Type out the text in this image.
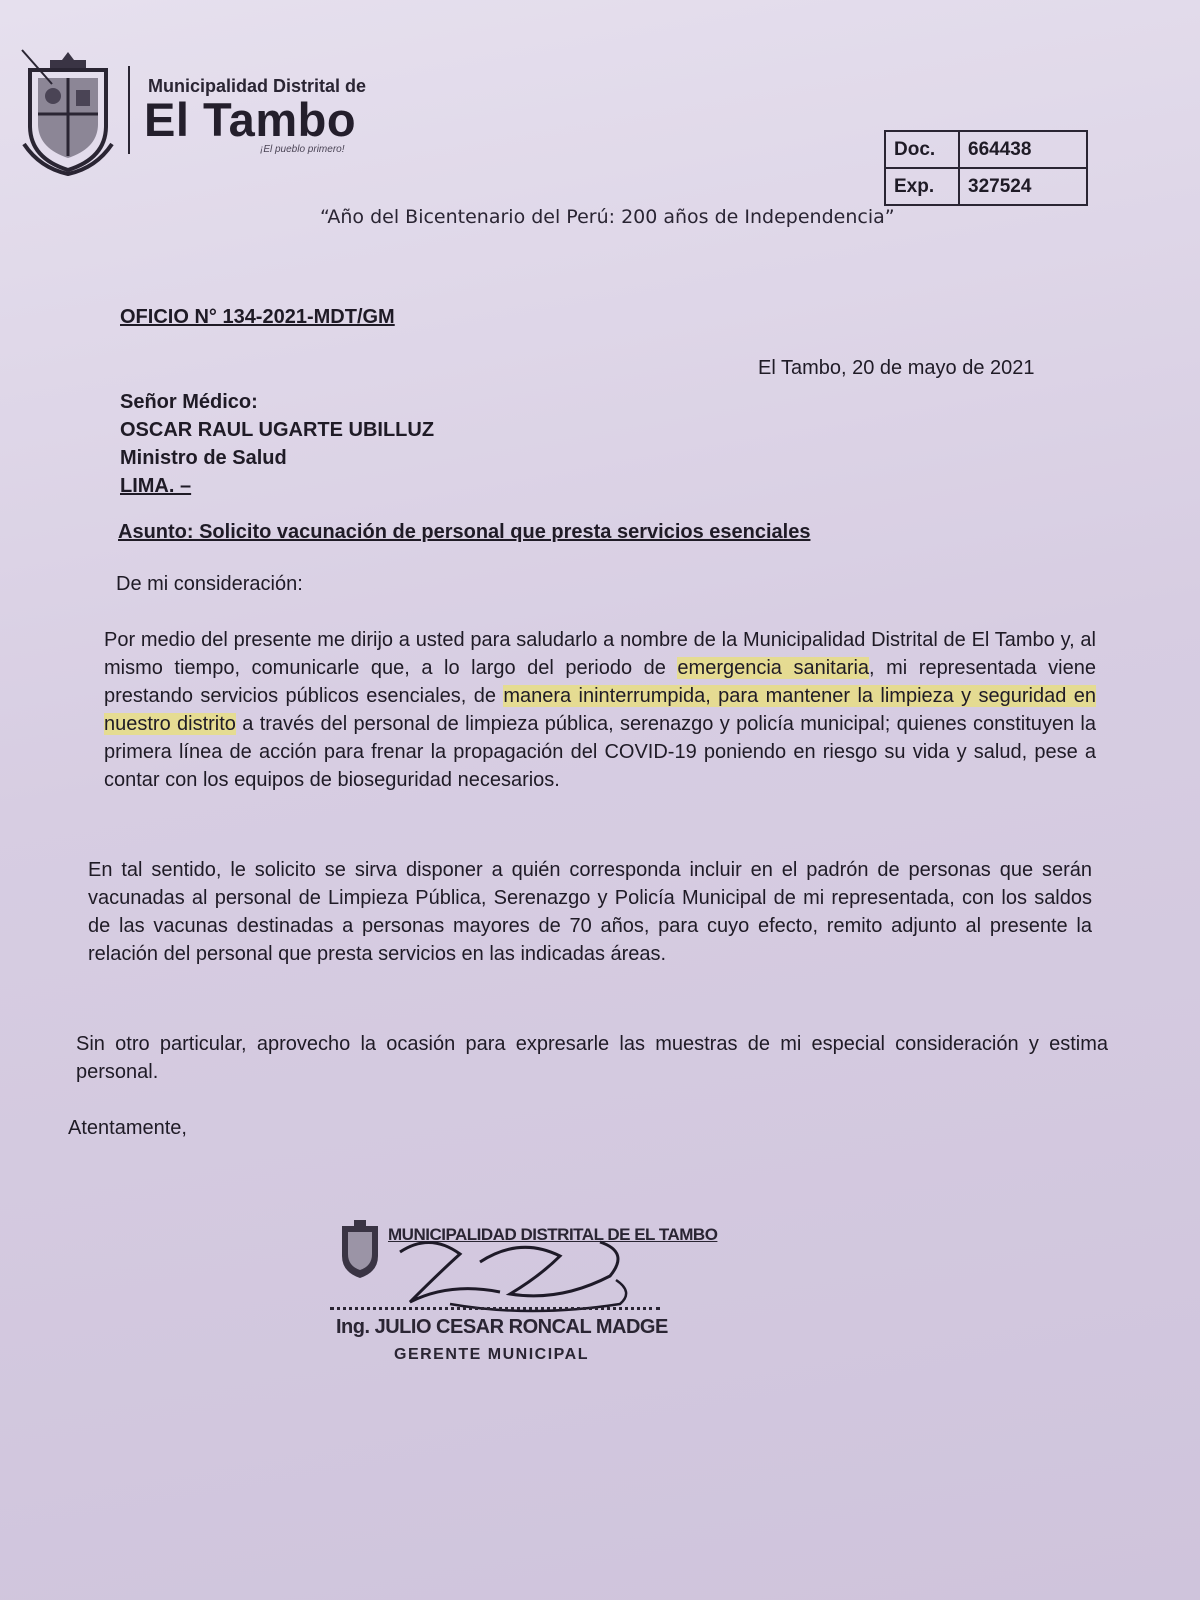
Municipalidad Distrital de
El Tambo
¡El pueblo primero!	Doc.	664438
Exp.	327524
“Año del Bicentenario del Perú: 200 años de Independencia”
OFICIO N° 134-2021-MDT/GM
El Tambo, 20 de mayo de 2021
Señor Médico:
OSCAR RAUL UGARTE UBILLUZ
Ministro de Salud
LIMA. –
Asunto: Solicito vacunación de personal que presta servicios esenciales
De mi consideración:
Por medio del presente me dirijo a usted para saludarlo a nombre de la Municipalidad Distrital de El Tambo y, al mismo tiempo, comunicarle que, a lo largo del periodo de emergencia sanitaria, mi representada viene prestando servicios públicos esenciales, de manera ininterrumpida, para mantener la limpieza y seguridad en nuestro distrito a través del personal de limpieza pública, serenazgo y policía municipal; quienes constituyen la primera línea de acción para frenar la propagación del COVID-19 poniendo en riesgo su vida y salud, pese a contar con los equipos de bioseguridad necesarios.
En tal sentido, le solicito se sirva disponer a quién corresponda incluir en el padrón de personas que serán vacunadas al personal de Limpieza Pública, Serenazgo y Policía Municipal de mi representada, con los saldos de las vacunas destinadas a personas mayores de 70 años, para cuyo efecto, remito adjunto al presente la relación del personal que presta servicios en las indicadas áreas.
Sin otro particular, aprovecho la ocasión para expresarle las muestras de mi especial consideración y estima personal.
Atentamente,
MUNICIPALIDAD DISTRITAL DE EL TAMBO
Ing. JULIO CESAR RONCAL MADGE
GERENTE MUNICIPAL
